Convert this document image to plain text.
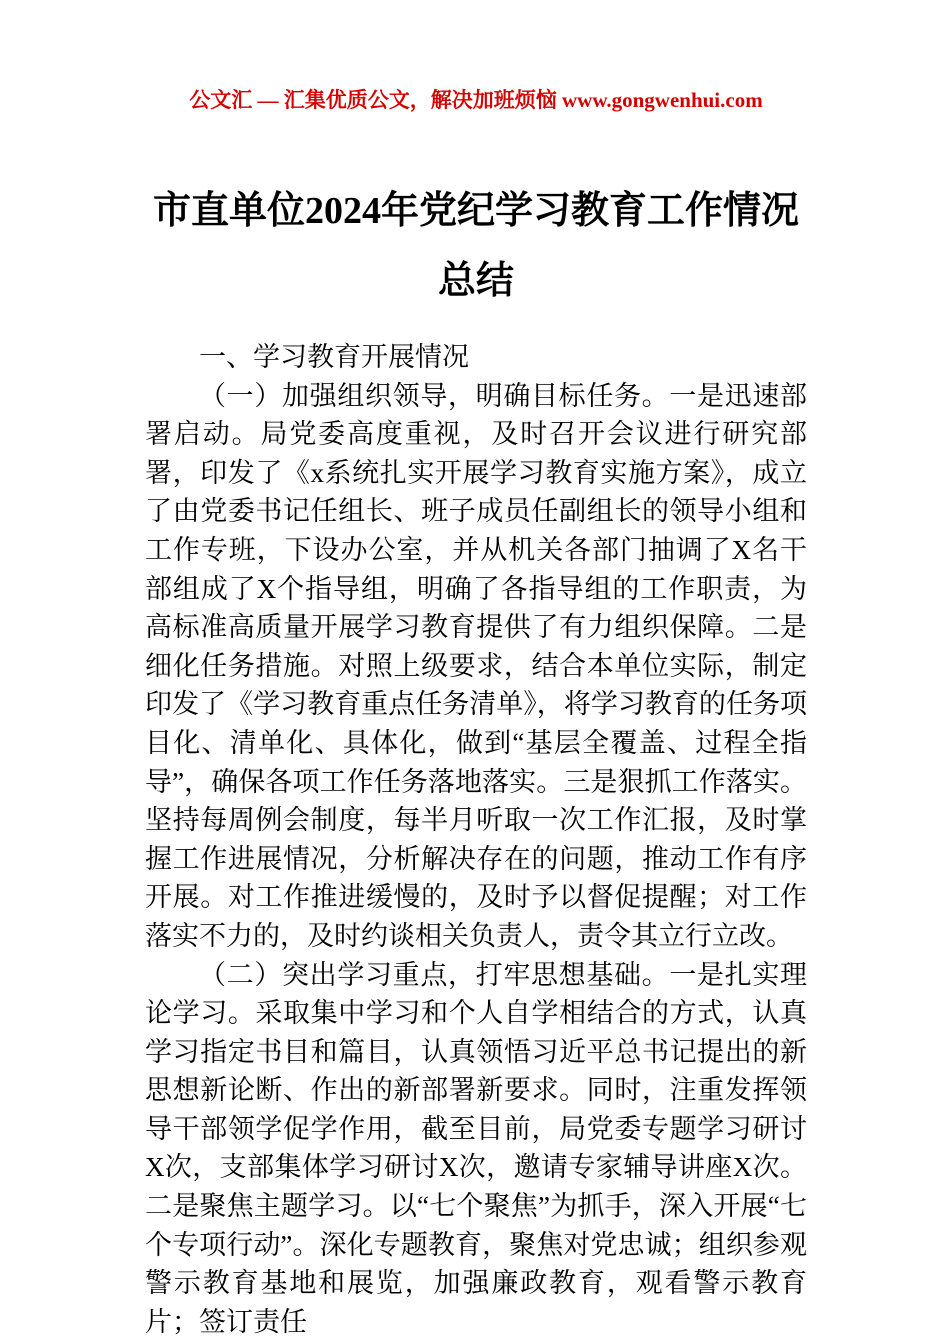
公文汇 — 汇集优质公文，解决加班烦恼 www.gongwenhui.com
市直单位2024年党纪学习教育工作情况总结

一、学习教育开展情况

（一）加强组织领导，明确目标任务。一是迅速部署启动。局党委高度重视，及时召开会议进行研究部署，印发了《x系统扎实开展学习教育实施方案》，成立了由党委书记任组长、班子成员任副组长的领导小组和工作专班，下设办公室，并从机关各部门抽调了X名干部组成了X个指导组，明确了各指导组的工作职责，为高标准高质量开展学习教育提供了有力组织保障。二是细化任务措施。对照上级要求，结合本单位实际，制定印发了《学习教育重点任务清单》，将学习教育的任务项目化、清单化、具体化，做到“基层全覆盖、过程全指导”，确保各项工作任务落地落实。三是狠抓工作落实。坚持每周例会制度，每半月听取一次工作汇报，及时掌握工作进展情况，分析解决存在的问题，推动工作有序开展。对工作推进缓慢的，及时予以督促提醒；对工作落实不力的，及时约谈相关负责人，责令其立行立改。

（二）突出学习重点，打牢思想基础。一是扎实理论学习。采取集中学习和个人自学相结合的方式，认真学习指定书目和篇目，认真领悟习近平总书记提出的新思想新论断、作出的新部署新要求。同时，注重发挥领导干部领学促学作用，截至目前，局党委专题学习研讨X次，支部集体学习研讨X次，邀请专家辅导讲座X次。二是聚焦主题学习。以“七个聚焦”为抓手，深入开展“七个专项行动”。深化专题教育，聚焦对党忠诚；组织参观警示教育基地和展览，加强廉政教育，观看警示教育片；签订责任
